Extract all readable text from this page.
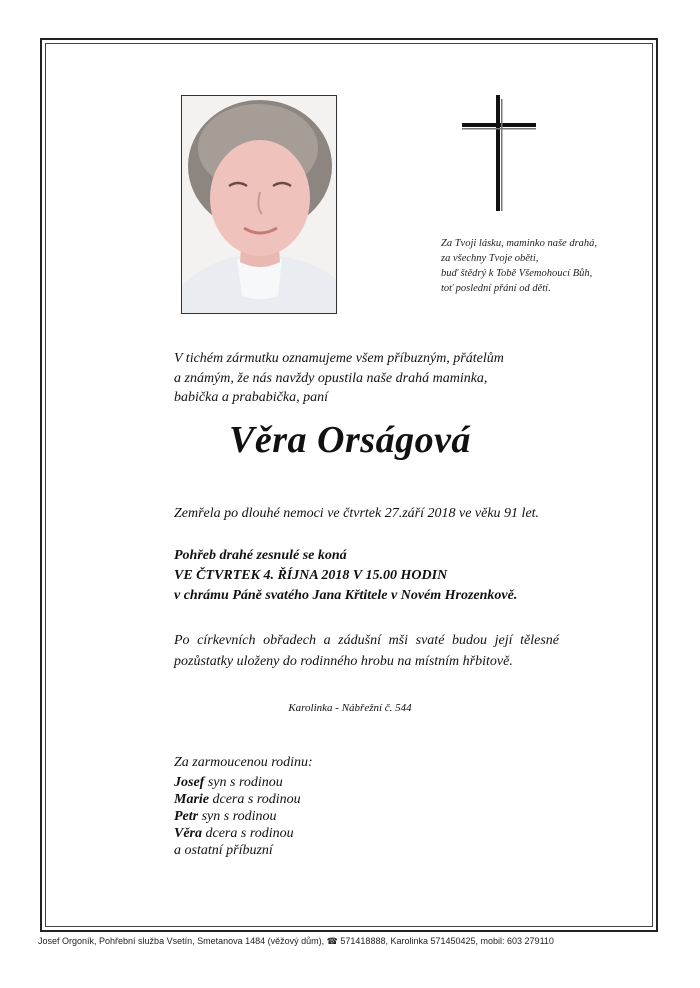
Za Tvoji lásku, maminko naše drahá,
za všechny Tvoje oběti,
buď štědrý k Tobě Všemohoucí Bůh,
toť poslední přání od dětí.
V tichém zármutku oznamujeme všem příbuzným, přátelům
a známým, že nás navždy opustila naše drahá maminka,
babička a prababička, paní
Věra Orságová
Zemřela po dlouhé nemoci ve čtvrtek 27.září 2018 ve věku 91 let.
Pohřeb drahé zesnulé se koná
VE ČTVRTEK 4. ŘÍJNA 2018 V 15.00 HODIN
v chrámu Páně svatého Jana Křtitele v Novém Hrozenkově.
Po církevních obřadech a zádušní mši svaté budou její tělesné
pozůstatky uloženy do rodinného hrobu na místním hřbitově.
Karolinka - Nábřežní č. 544
Za zarmoucenou rodinu:
Josef syn s rodinou
Marie dcera s rodinou
Petr syn s rodinou
Věra dcera s rodinou
a ostatní příbuzní
Josef Orgoník, Pohřební služba Vsetín, Smetanova 1484 (věžový dům), ☎ 571418888, Karolinka 571450425, mobil: 603 279110
